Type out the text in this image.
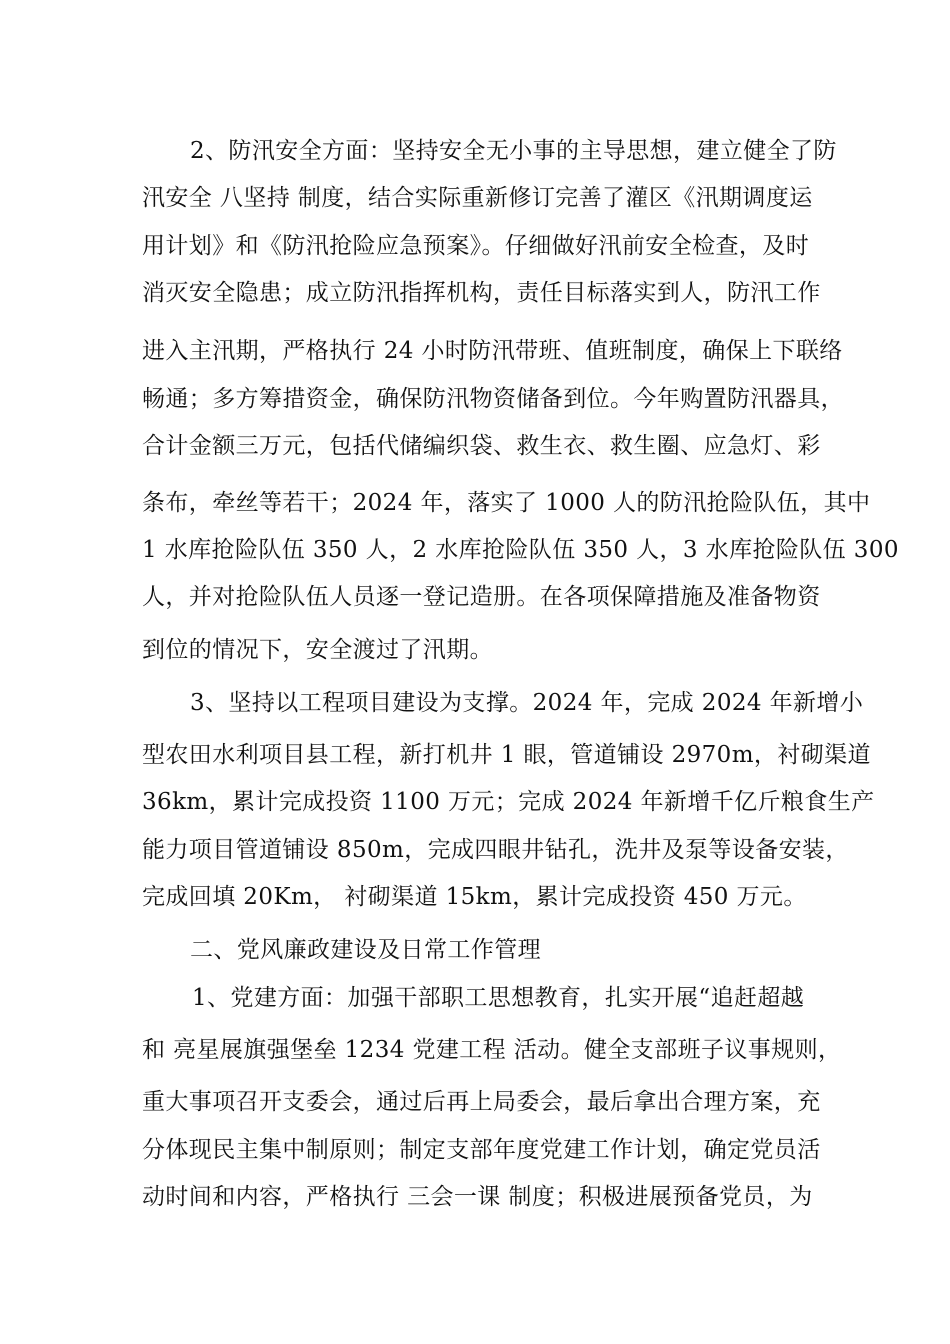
2、防汛安全方面：坚持安全无小事的主导思想，建立健全了防
汛安全 八坚持 制度，结合实际重新修订完善了灌区《汛期调度运
用计划》和《防汛抢险应急预案》。仔细做好汛前安全检查，及时
消灭安全隐患；成立防汛指挥机构，责任目标落实到人，防汛工作
进入主汛期，严格执行 24 小时防汛带班、值班制度，确保上下联络
畅通；多方筹措资金，确保防汛物资储备到位。今年购置防汛器具，
合计金额三万元，包括代储编织袋、救生衣、救生圈、应急灯、彩
条布，牵丝等若干；2024 年，落实了 1000 人的防汛抢险队伍，其中
1 水库抢险队伍 350 人，2 水库抢险队伍 350 人，3 水库抢险队伍 300
人，并对抢险队伍人员逐一登记造册。在各项保障措施及准备物资
到位的情况下，安全渡过了汛期。
3、坚持以工程项目建设为支撑。2024 年，完成 2024 年新增小
型农田水利项目县工程，新打机井 1 眼，管道铺设 2970m，衬砌渠道
36km，累计完成投资 1100 万元；完成 2024 年新增千亿斤粮食生产
能力项目管道铺设 850m，完成四眼井钻孔，洗井及泵等设备安装，
完成回填 20Km， 衬砌渠道 15km，累计完成投资 450 万元。
二、党风廉政建设及日常工作管理
1、党建方面：加强干部职工思想教育，扎实开展“追赶超越
和 亮星展旗强堡垒 1234 党建工程 活动。健全支部班子议事规则，
重大事项召开支委会，通过后再上局委会，最后拿出合理方案，充
分体现民主集中制原则；制定支部年度党建工作计划，确定党员活
动时间和内容，严格执行 三会一课 制度；积极进展预备党员，为
